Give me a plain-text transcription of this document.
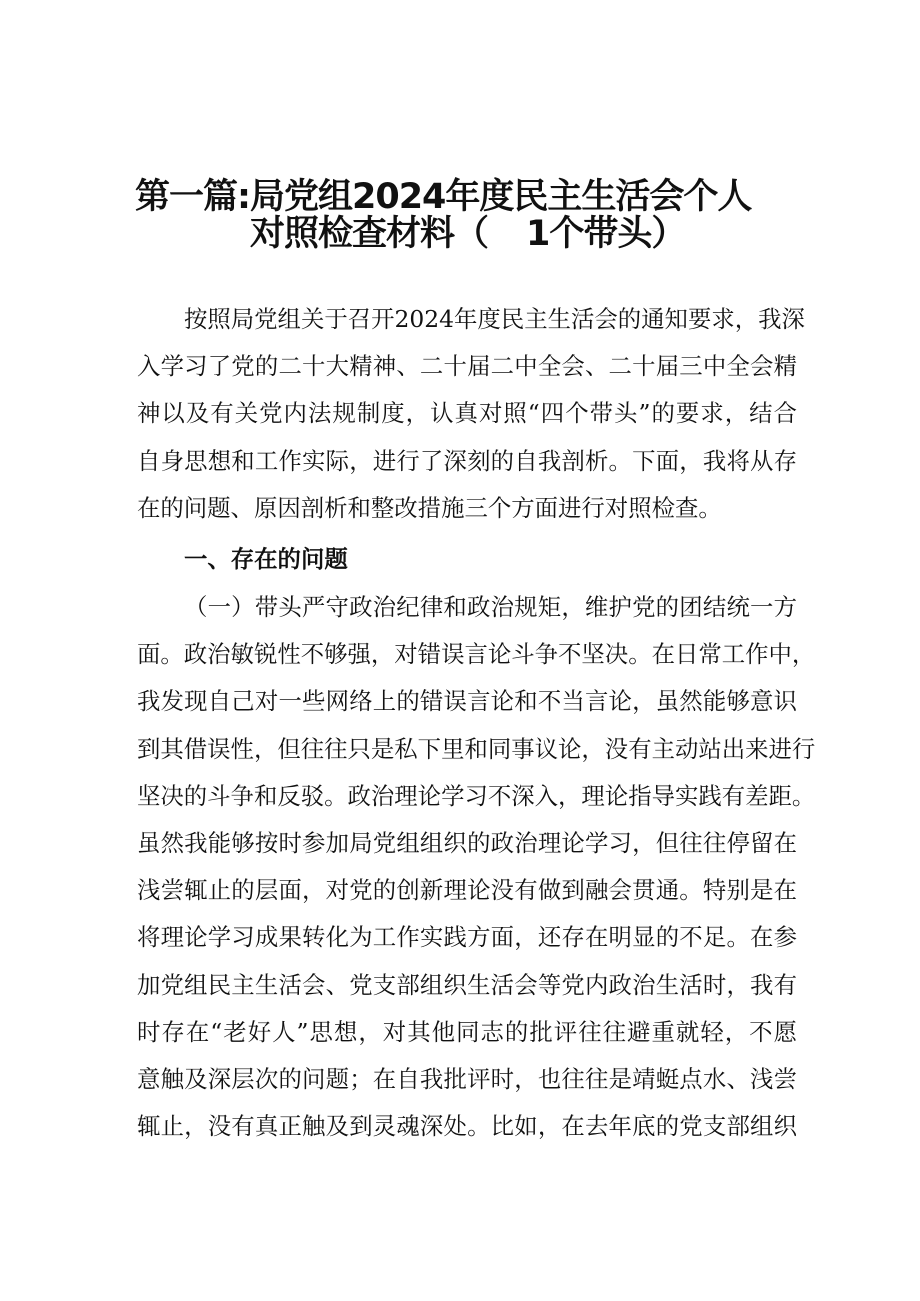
第一篇:局党组2024年度民主生活会个人
对照检查材料（ 1个带头）
按照局党组关于召开2024年度民主生活会的通知要求，我深
入学习了党的二十大精神、二十届二中全会、二十届三中全会精
神以及有关党内法规制度，认真对照“四个带头”的要求，结合
自身思想和工作实际，进行了深刻的自我剖析。下面，我将从存
在的问题、原因剖析和整改措施三个方面进行对照检查。
一、存在的问题
（一）带头严守政治纪律和政治规矩，维护党的团结统一方
面。政治敏锐性不够强，对错误言论斗争不坚决。在日常工作中，
我发现自己对一些网络上的错误言论和不当言论，虽然能够意识
到其借误性，但往往只是私下里和同事议论，没有主动站出来进行
坚决的斗争和反驳。政治理论学习不深入，理论指导实践有差距。
虽然我能够按时参加局党组组织的政治理论学习，但往往停留在
浅尝辄止的层面，对党的创新理论没有做到融会贯通。特别是在
将理论学习成果转化为工作实践方面，还存在明显的不足。在参
加党组民主生活会、党支部组织生活会等党内政治生活时，我有
时存在“老好人”思想，对其他同志的批评往往避重就轻，不愿
意触及深层次的问题；在自我批评时，也往往是靖蜓点水、浅尝
辄止，没有真正触及到灵魂深处。比如，在去年底的党支部组织
